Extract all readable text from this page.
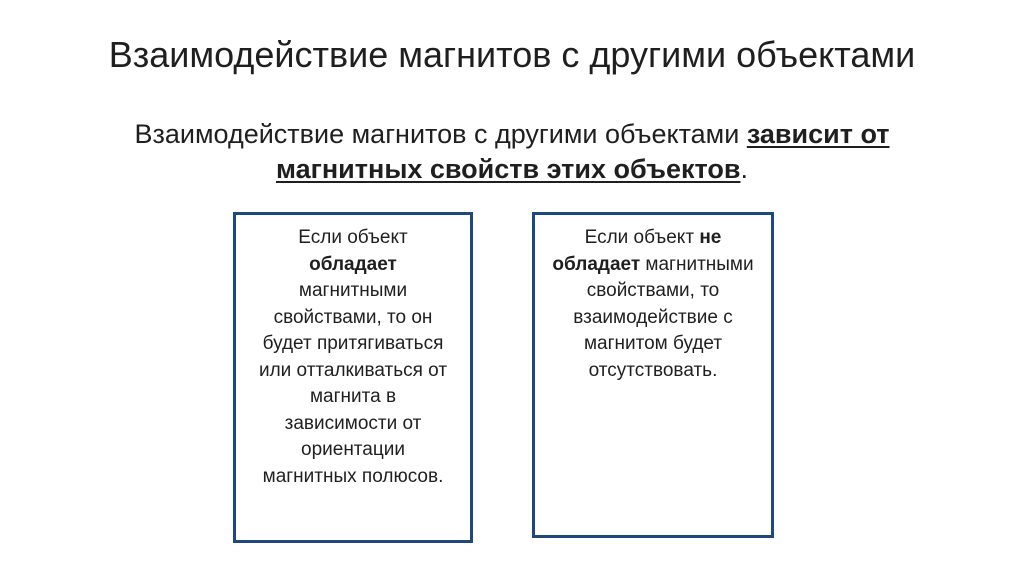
Взаимодействие магнитов с другими объектами
Взаимодействие магнитов с другими объектами зависит от магнитных свойств этих объектов.
Если объект обладает магнитными свойствами, то он будет притягиваться или отталкиваться от магнита в зависимости от ориентации магнитных полюсов.
Если объект не обладает магнитными свойствами, то взаимодействие с магнитом будет отсутствовать.
